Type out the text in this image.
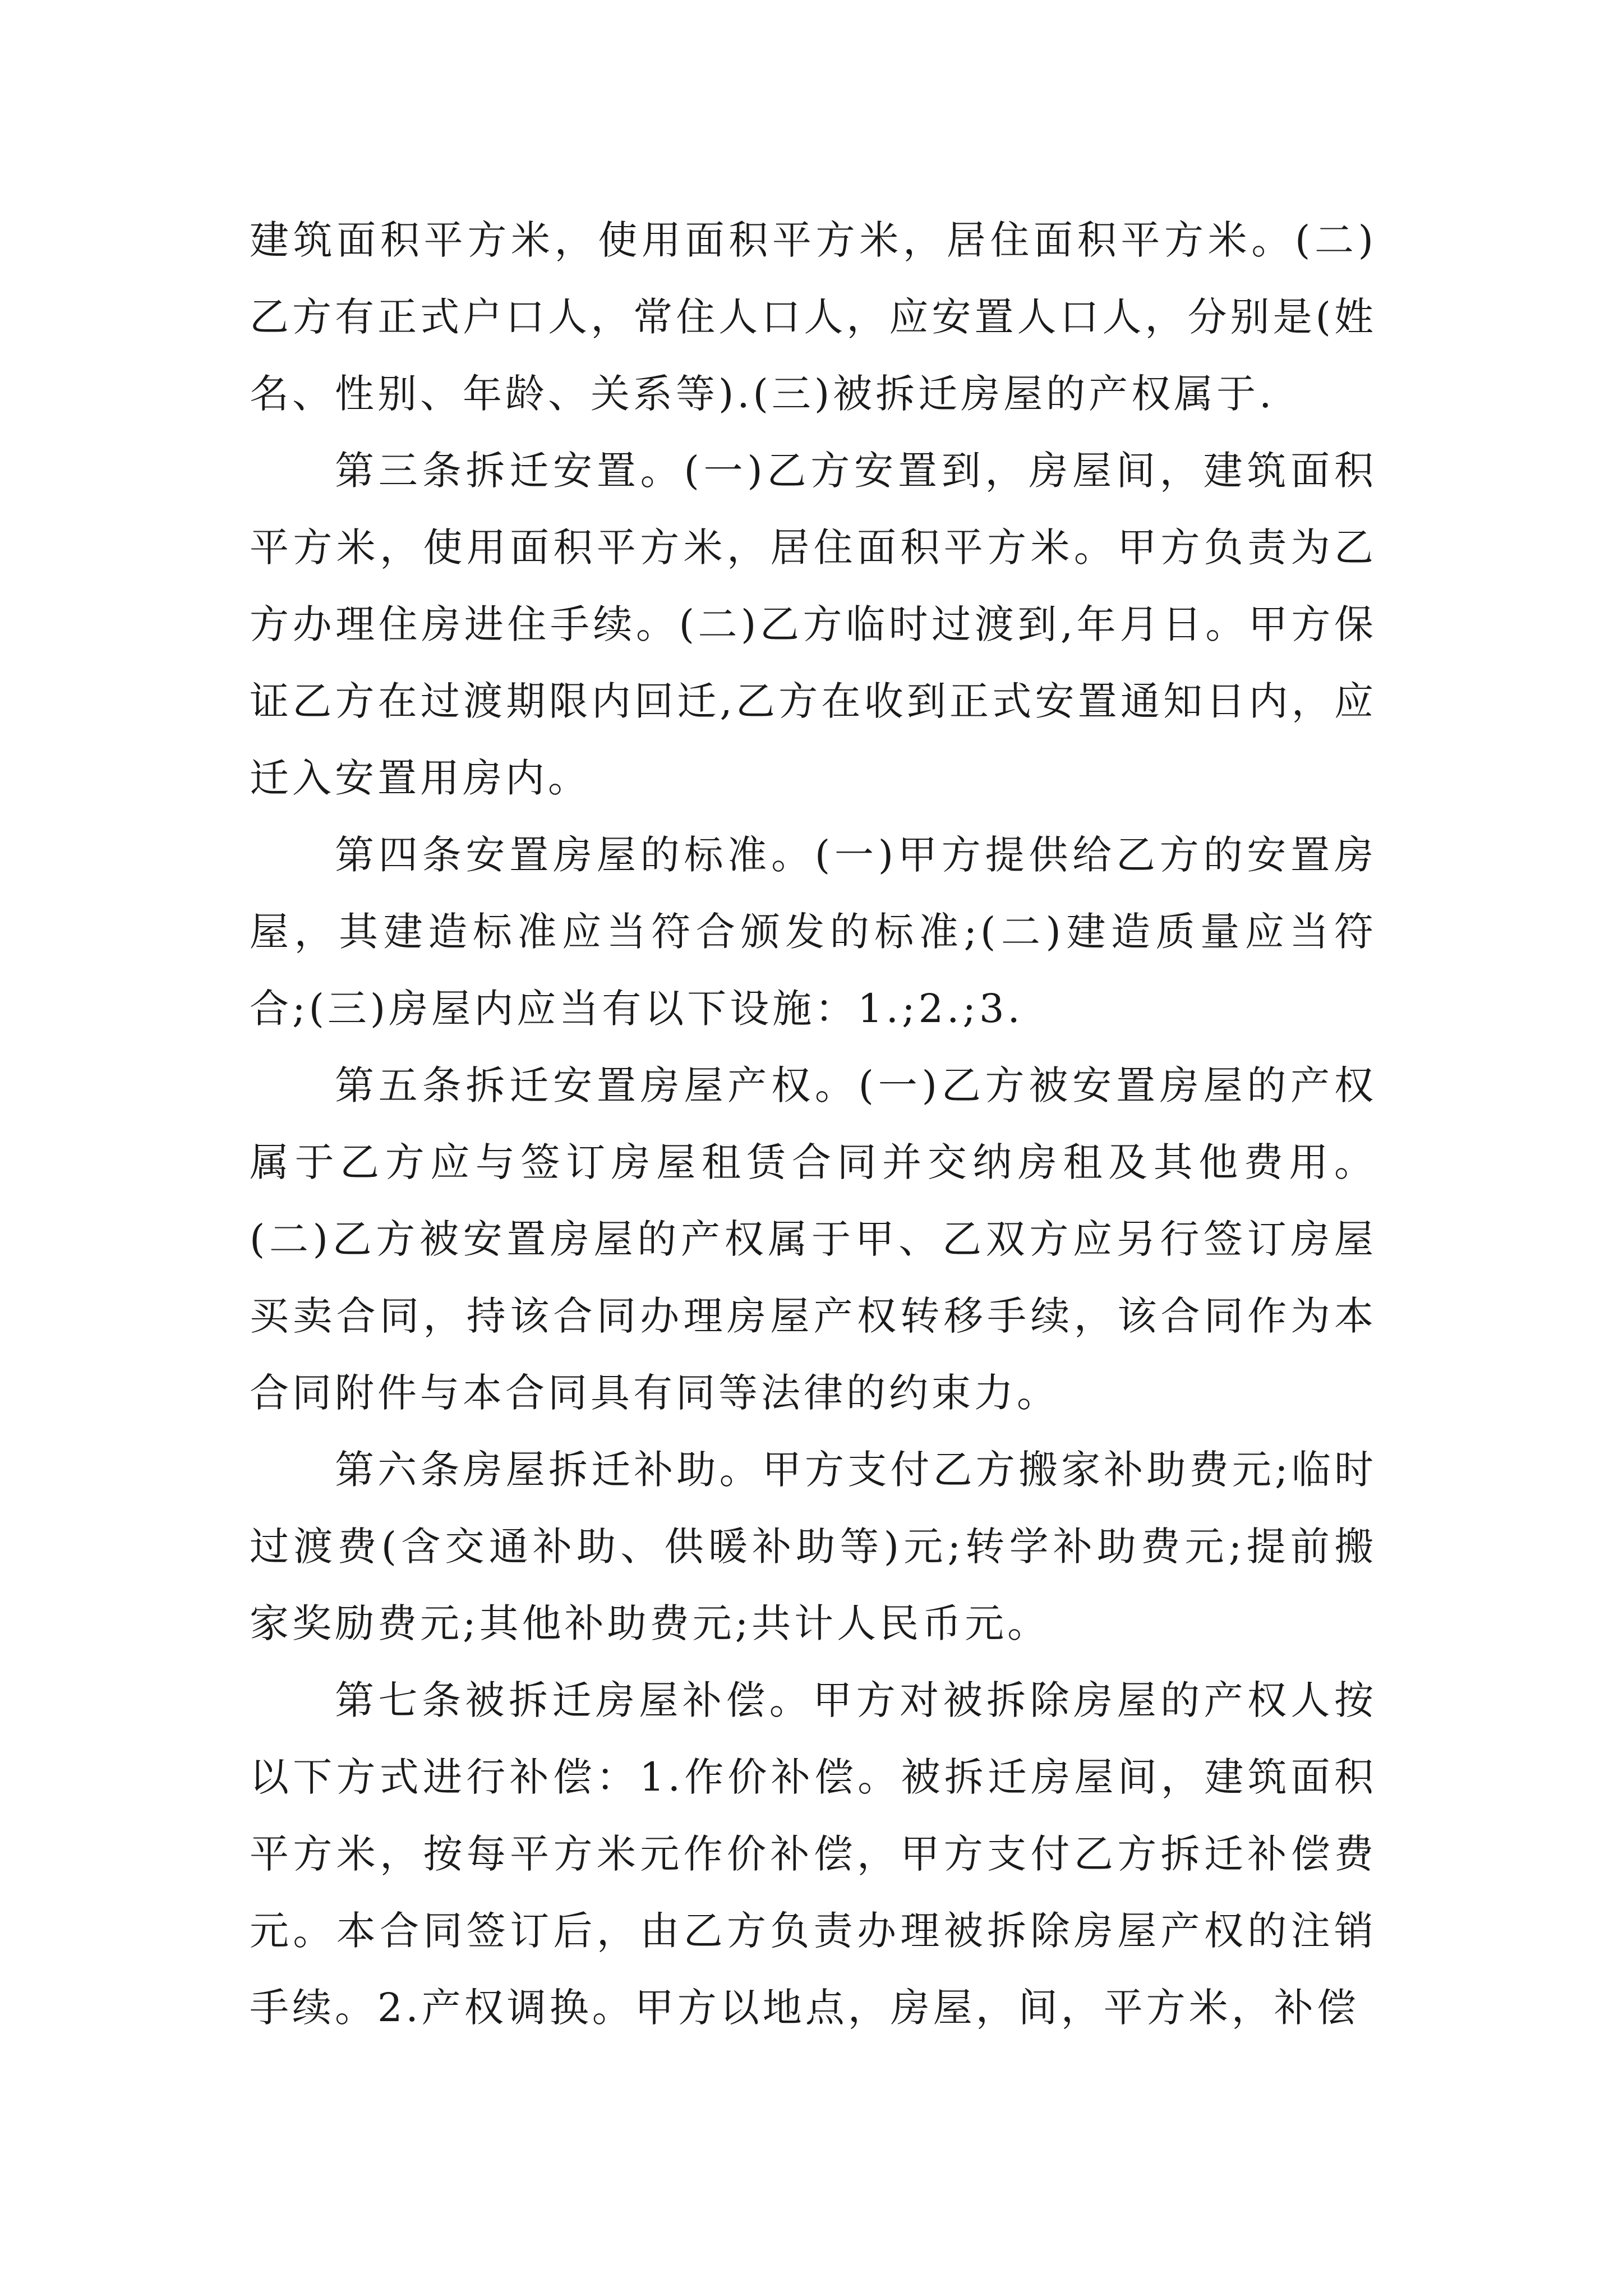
建筑面积平方米，使用面积平方米，居住面积平方米。(二)乙方有正式户口人，常住人口人，应安置人口人，分别是(姓名、性别、年龄、关系等).(三)被拆迁房屋的产权属于.

第三条拆迁安置。(一)乙方安置到，房屋间，建筑面积平方米，使用面积平方米，居住面积平方米。甲方负责为乙方办理住房进住手续。(二)乙方临时过渡到,年月日。甲方保证乙方在过渡期限内回迁,乙方在收到正式安置通知日内，应迁入安置用房内。

第四条安置房屋的标准。(一)甲方提供给乙方的安置房屋，其建造标准应当符合颁发的标准;(二)建造质量应当符合;(三)房屋内应当有以下设施：1.;2.;3.

第五条拆迁安置房屋产权。(一)乙方被安置房屋的产权属于乙方应与签订房屋租赁合同并交纳房租及其他费用。(二)乙方被安置房屋的产权属于甲、乙双方应另行签订房屋买卖合同，持该合同办理房屋产权转移手续，该合同作为本合同附件与本合同具有同等法律的约束力。

第六条房屋拆迁补助。甲方支付乙方搬家补助费元;临时过渡费(含交通补助、供暖补助等)元;转学补助费元;提前搬家奖励费元;其他补助费元;共计人民币元。

第七条被拆迁房屋补偿。甲方对被拆除房屋的产权人按以下方式进行补偿：1.作价补偿。被拆迁房屋间，建筑面积平方米，按每平方米元作价补偿，甲方支付乙方拆迁补偿费元。本合同签订后，由乙方负责办理被拆除房屋产权的注销手续。2.产权调换。甲方以地点，房屋，间，平方米，补偿
